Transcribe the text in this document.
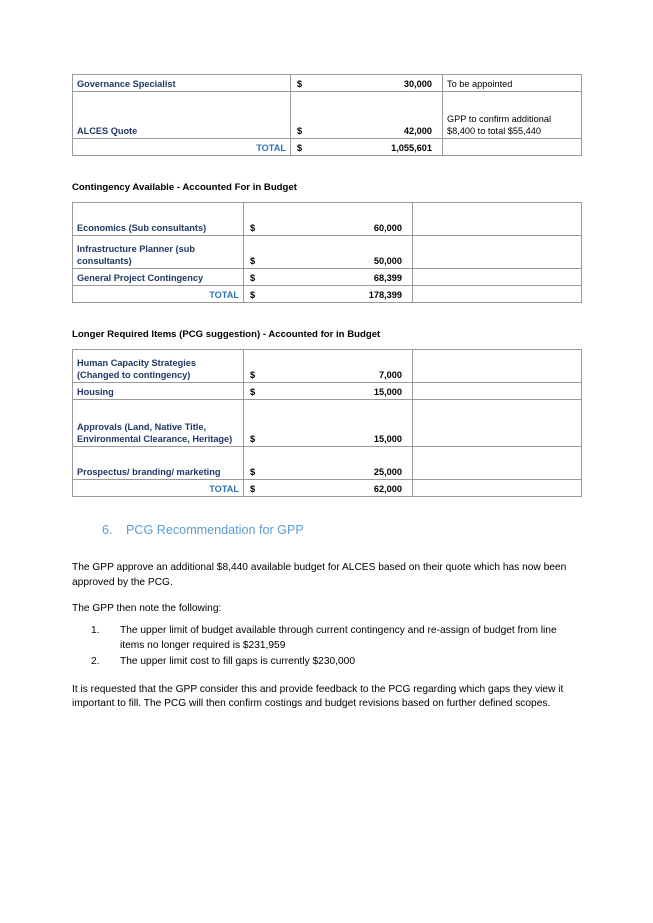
Governance Specialist	$ 30,000	To be appointed
ALCES Quote	$ 42,000	GPP to confirm additional $8,400 to total $55,440
TOTAL	$ 1,055,601	

Contingency Available - Accounted For in Budget

Economics (Sub consultants)	$ 60,000	

Infrastructure Planner (sub consultants)	$ 50,000	

General Project Contingency	$ 68,399	

TOTAL	$ 178,399	

Longer Required Items (PCG suggestion) - Accounted for in Budget

Human Capacity Strategies (Changed to contingency)	$ 7,000	

Housing	$ 15,000	

Approvals (Land, Native Title, Environmental Clearance, Heritage)	$ 15,000	

Prospectus/ branding/ marketing	$ 25,000	

TOTAL	$ 62,000	

6.	PCG Recommendation for GPP

The GPP approve an additional $8,440 available budget for ALCES based on their quote which has now been approved by the PCG.

The GPP then note the following:

1.	The upper limit of budget available through current contingency and re-assign of budget from line items no longer required is $231,959
2.	The upper limit cost to fill gaps is currently $230,000

It is requested that the GPP consider this and provide feedback to the PCG regarding which gaps they view it important to fill. The PCG will then confirm costings and budget revisions based on further defined scopes.
